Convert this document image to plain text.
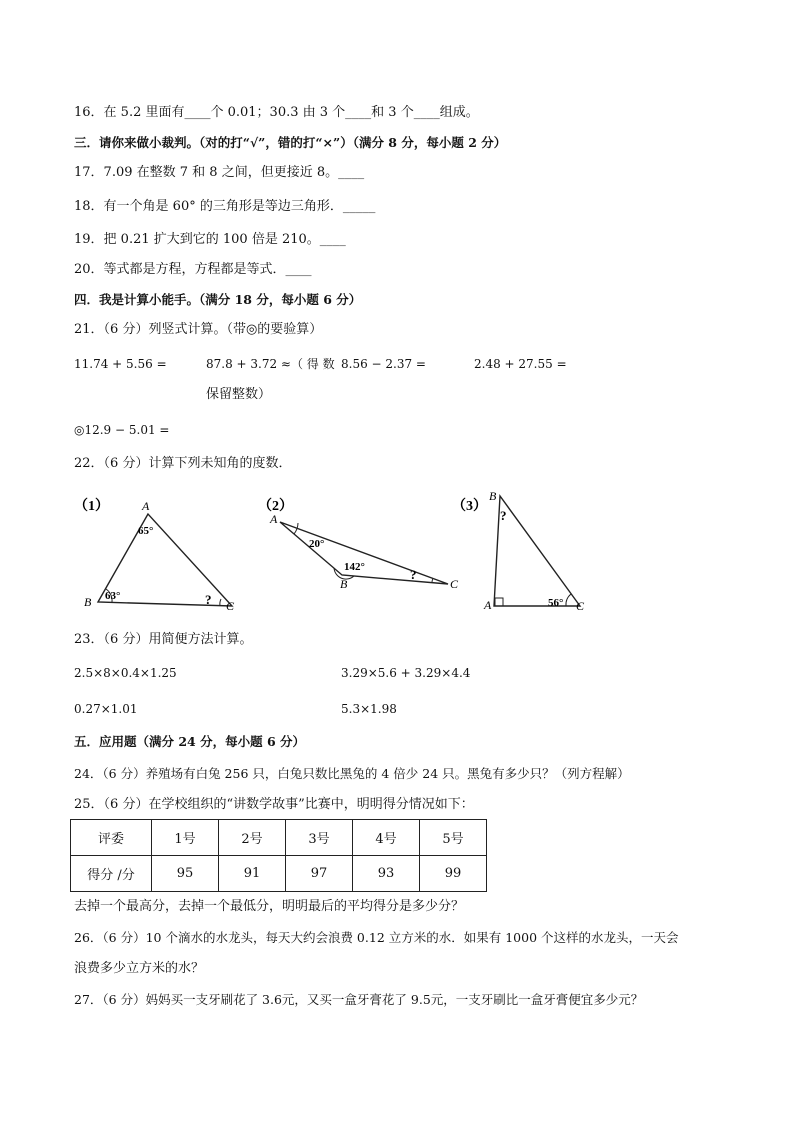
16．在 5.2 里面有____个 0.01；30.3 由 3 个____和 3 个____组成。
三．请你来做小裁判。（对的打“√”，错的打“×”）（满分 8 分，每小题 2 分）
17．7.09 在整数 7 和 8 之间，但更接近 8。____
18．有一个角是 60° 的三角形是等边三角形．_____
19．把 0.21 扩大到它的 100 倍是 210。____
20．等式都是方程，方程都是等式．____
四．我是计算小能手。（满分 18 分，每小题 6 分）
21．（6 分）列竖式计算。（带◎的要验算）
11.74 + 5.56 =	87.8 + 3.72 ≈（ 得 数
保留整数）
8.56 − 2.37 =	2.48 + 27.55 =
◎12.9 − 5.01 =
22．（6 分）计算下列未知角的度数．
（1）	A
B	C
65°
63°	?
（2）
A
B	C
20°
142°	?
（3）
B
A	C
?
56°
23．（6 分）用简便方法计算。
2.5×8×0.4×1.25	3.29×5.6 + 3.29×4.4
0.27×1.01	5.3×1.98
五．应用题（满分 24 分，每小题 6 分）
24．（6 分）养殖场有白兔 256 只，白兔只数比黑兔的 4 倍少 24 只。黑兔有多少只？（列方程解）
25．（6 分）在学校组织的“讲数学故事”比赛中，明明得分情况如下：
评委	1号	2号	3号	4号	5号
得分 /分	95	91	97	93	99
去掉一个最高分，去掉一个最低分，明明最后的平均得分是多少分？
26．（6 分）10 个滴水的水龙头，每天大约会浪费 0.12 立方米的水．如果有 1000 个这样的水龙头，一天会
浪费多少立方米的水？
27．（6 分）妈妈买一支牙刷花了 3.6元，又买一盒牙膏花了 9.5元，一支牙刷比一盒牙膏便宜多少元？
